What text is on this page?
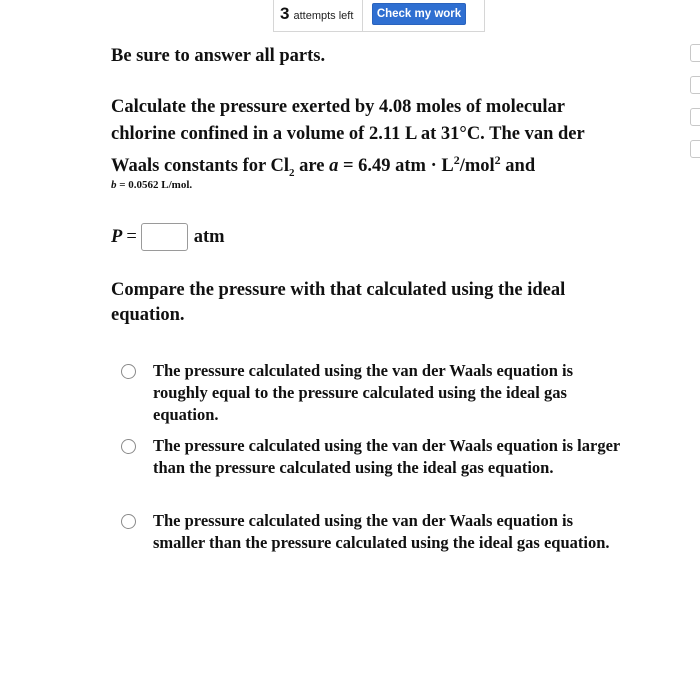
3 attempts left	Check my work
Be sure to answer all parts.
Calculate the pressure exerted by 4.08 moles of molecular
chlorine confined in a volume of 2.11 L at 31°C. The van der
Waals constants for $Cl_2$ are a = 6.49 atm · $L^2/mol^2$ and
b = 0.0562 L/mol.
P =	atm
Compare the pressure with that calculated using the ideal equation.
The pressure calculated using the van der Waals equation is roughly equal to the pressure calculated using the ideal gas equation.
The pressure calculated using the van der Waals equation is larger than the pressure calculated using the ideal gas equation.
The pressure calculated using the van der Waals equation is smaller than the pressure calculated using the ideal gas equation.
